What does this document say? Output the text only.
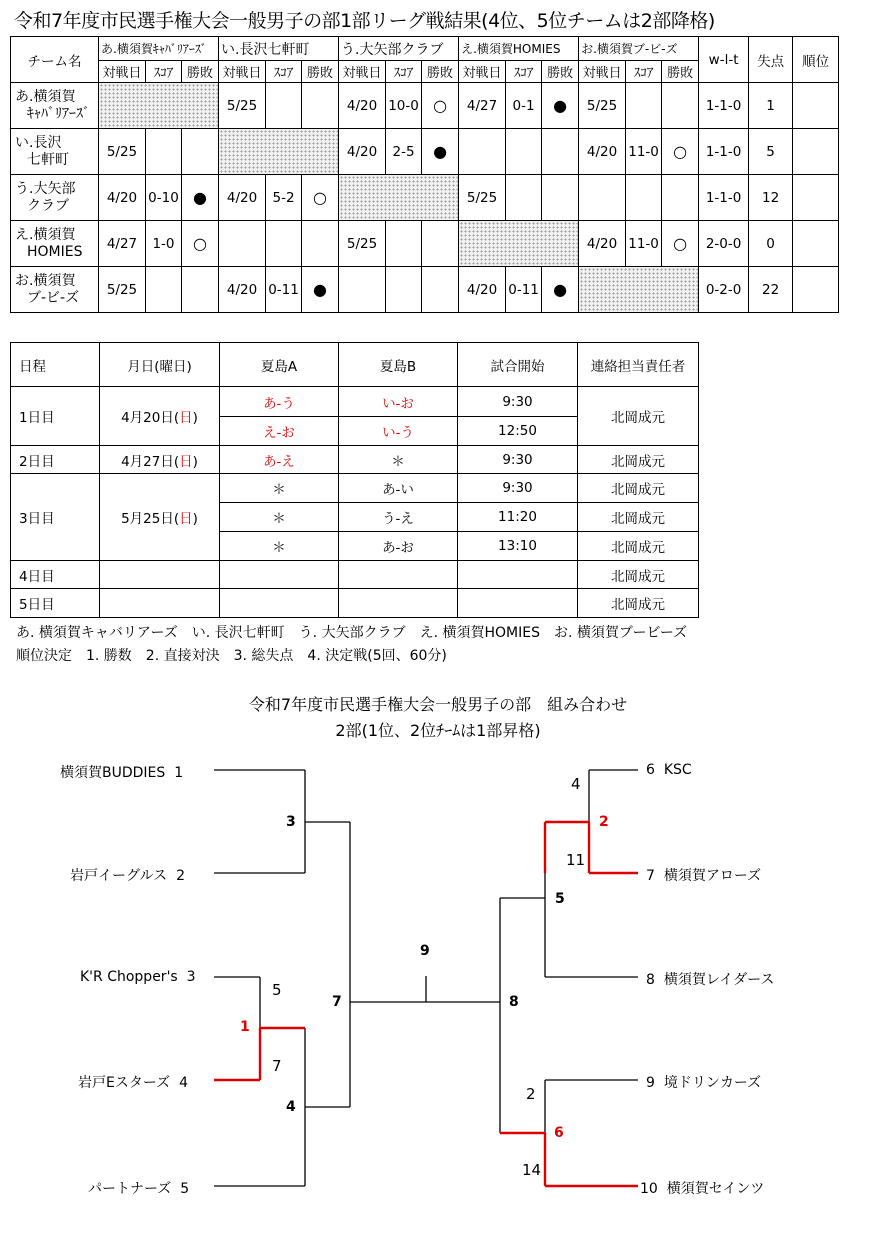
令和7年度市民選手権大会一般男子の部1部リーグ戦結果(4位、5位チームは2部降格)
チーム名	あ.横須賀ｷｬﾊﾞﾘｱｰｽﾞ			い.長沢七軒町			う.大矢部クラブ			え.横須賀HOMIES			お.横須賀ブ-ビ-ズ			w-l-t	失点	順位
	対戦日	ｽｺｱ	勝敗	対戦日	ｽｺｱ	勝敗	対戦日	ｽｺｱ	勝敗	対戦日	ｽｺｱ	勝敗	対戦日	ｽｺｱ	勝敗			

あ.横須賀
ｷｬﾊﾞﾘｱｰｽﾞ				5/25			4/20	10-0	○	4/27	0-1	●	5/25			1-1-0	1	

い.長沢
七軒町	5/25						4/20	2-5	●				4/20	11-0	○	1-1-0	5	

う.大矢部
クラブ	4/20	0-10	●	4/20	5-2	○				5/25						1-1-0	12	

え.横須賀
HOMIES	4/27	1-0	○				5/25						4/20	11-0	○	2-0-0	0	

お.横須賀
ブ-ビ-ズ	5/25			4/20	0-11	●				4/20	0-11	●				0-2-0	22	
日程	月日(曜日)	夏島A	夏島B	試合開始	連絡担当責任者
1日目	4月20日(日)	あ-う	い-お	9:30	北岡成元
		え-お	い-う	12:50	
2日目	4月27日(日)	あ-え	＊	9:30	北岡成元
3日目	5月25日(日)	＊	あ-い	9:30	北岡成元
		＊	う-え	11:20	北岡成元
		＊	あ-お	13:10	北岡成元
4日目					北岡成元
5日目					北岡成元
あ. 横須賀キャバリアーズ　い. 長沢七軒町　う. 大矢部クラブ　え. 横須賀HOMIES　お. 横須賀ブービーズ
順位決定　1. 勝数　2. 直接対決　3. 総失点　4. 決定戦(5回、60分)
令和7年度市民選手権大会一般男子の部　組み合わせ
2部(1位、2位ﾁｰﾑは1部昇格)
横須賀BUDDIES 1
岩戸イーグルス 2
K'R Chopper's 3
岩戸Eスターズ 4
パートナーズ 5
6 KSC
7 横須賀アローズ
8 横須賀レイダース
9 境ドリンカーズ
10 横須賀セインツ
1
2
3
4
5
6
7	8
9
5
7
4
11
2
14
